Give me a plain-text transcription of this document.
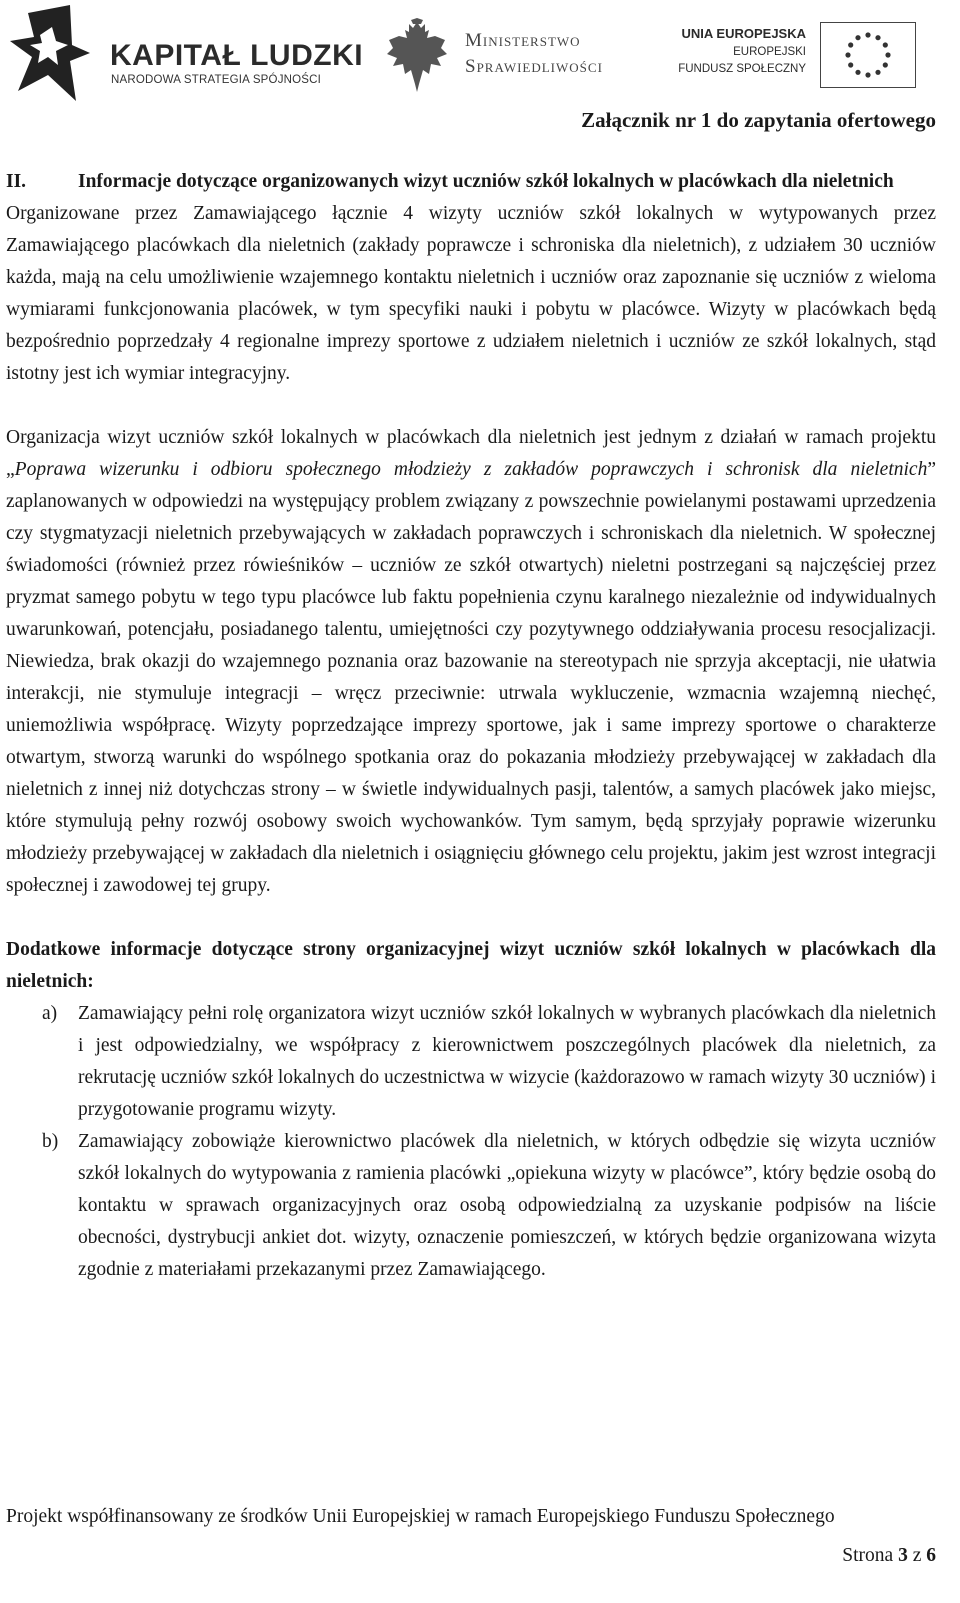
KAPITAŁ LUDZKI
NARODOWA STRATEGIA SPÓJNOŚCI
Ministerstwo
Sprawiedliwości
UNIA EUROPEJSKA
EUROPEJSKI
FUNDUSZ SPOŁECZNY
Załącznik nr 1 do zapytania ofertowego
II.	Informacje dotyczące organizowanych wizyt uczniów szkół lokalnych w placówkach dla nieletnich

Organizowane przez Zamawiającego łącznie 4 wizyty uczniów szkół lokalnych w wytypowanych przez Zamawiającego placówkach dla nieletnich (zakłady poprawcze i schroniska dla nieletnich), z udziałem 30 uczniów każda, mają na celu umożliwienie wzajemnego kontaktu nieletnich i uczniów oraz zapoznanie się uczniów z wieloma wymiarami funkcjonowania placówek, w tym specyfiki nauki i pobytu w placówce. Wizyty w placówkach będą bezpośrednio poprzedzały 4 regionalne imprezy sportowe z udziałem nieletnich i uczniów ze szkół lokalnych, stąd istotny jest ich wymiar integracyjny.

Organizacja wizyt uczniów szkół lokalnych w placówkach dla nieletnich jest jednym z działań w ramach projektu „Poprawa wizerunku i odbioru społecznego młodzieży z zakładów poprawczych i schronisk dla nieletnich” zaplanowanych w odpowiedzi na występujący problem związany z powszechnie powielanymi postawami uprzedzenia czy stygmatyzacji nieletnich przebywających w zakładach poprawczych i schroniskach dla nieletnich. W społecznej świadomości (również przez rówieśników – uczniów ze szkół otwartych) nieletni postrzegani są najczęściej przez pryzmat samego pobytu w tego typu placówce lub faktu popełnienia czynu karalnego niezależnie od indywidualnych uwarunkowań, potencjału, posiadanego talentu, umiejętności czy pozytywnego oddziaływania procesu resocjalizacji. Niewiedza, brak okazji do wzajemnego poznania oraz bazowanie na stereotypach nie sprzyja akceptacji, nie ułatwia interakcji, nie stymuluje integracji – wręcz przeciwnie: utrwala wykluczenie, wzmacnia wzajemną niechęć, uniemożliwia współpracę. Wizyty poprzedzające imprezy sportowe, jak i same imprezy sportowe o charakterze otwartym, stworzą warunki do wspólnego spotkania oraz do pokazania młodzieży przebywającej w zakładach dla nieletnich z innej niż dotychczas strony – w świetle indywidualnych pasji, talentów, a samych placówek jako miejsc, które stymulują pełny rozwój osobowy swoich wychowanków. Tym samym, będą sprzyjały poprawie wizerunku młodzieży przebywającej w zakładach dla nieletnich i osiągnięciu głównego celu projektu, jakim jest wzrost integracji społecznej i zawodowej tej grupy.

Dodatkowe informacje dotyczące strony organizacyjnej wizyt uczniów szkół lokalnych w placówkach dla nieletnich:

a)	Zamawiający pełni rolę organizatora wizyt uczniów szkół lokalnych w wybranych placówkach dla nieletnich i jest odpowiedzialny, we współpracy z kierownictwem poszczególnych placówek dla nieletnich, za rekrutację uczniów szkół lokalnych do uczestnictwa w wizycie (każdorazowo w ramach wizyty 30 uczniów) i przygotowanie programu wizyty.
b)	Zamawiający zobowiąże kierownictwo placówek dla nieletnich, w których odbędzie się wizyta uczniów szkół lokalnych do wytypowania z ramienia placówki „opiekuna wizyty w placówce”, który będzie osobą do kontaktu w sprawach organizacyjnych oraz osobą odpowiedzialną za uzyskanie podpisów na liście obecności, dystrybucji ankiet dot. wizyty, oznaczenie pomieszczeń, w których będzie organizowana wizyta zgodnie z materiałami przekazanymi przez Zamawiającego.
Projekt współfinansowany ze środków Unii Europejskiej w ramach Europejskiego Funduszu Społecznego
Strona 3 z 6
